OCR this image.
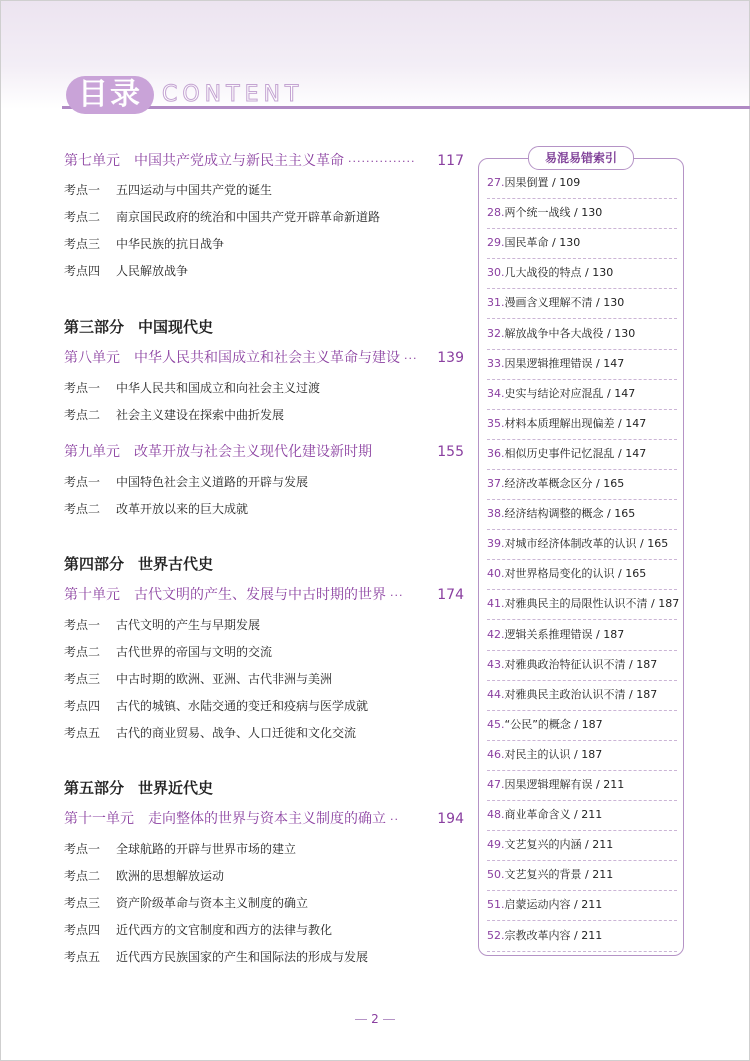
目录 CONTENT
第七单元 中国共产党成立与新民主主义革命 ···············	117
考点一 五四运动与中国共产党的诞生
考点二 南京国民政府的统治和中国共产党开辟革命新道路
考点三 中华民族的抗日战争
考点四 人民解放战争
第三部分 中国现代史
第八单元 中华人民共和国成立和社会主义革命与建设 ···	139
考点一 中华人民共和国成立和向社会主义过渡
考点二 社会主义建设在探索中曲折发展
第九单元 改革开放与社会主义现代化建设新时期	155
考点一 中国特色社会主义道路的开辟与发展
考点二 改革开放以来的巨大成就
第四部分 世界古代史
第十单元 古代文明的产生、发展与中古时期的世界 ···	174
考点一 古代文明的产生与早期发展
考点二 古代世界的帝国与文明的交流
考点三 中古时期的欧洲、亚洲、古代非洲与美洲
考点四 古代的城镇、水陆交通的变迁和疫病与医学成就
考点五 古代的商业贸易、战争、人口迁徙和文化交流
第五部分 世界近代史
第十一单元 走向整体的世界与资本主义制度的确立 ··	194
考点一 全球航路的开辟与世界市场的建立
考点二 欧洲的思想解放运动
考点三 资产阶级革命与资本主义制度的确立
考点四 近代西方的文官制度和西方的法律与教化
考点五 近代西方民族国家的产生和国际法的形成与发展
易混易错索引
27.因果倒置 / 109
28.两个统一战线 / 130
29.国民革命 / 130
30.几大战役的特点 / 130
31.漫画含义理解不清 / 130
32.解放战争中各大战役 / 130
33.因果逻辑推理错误 / 147
34.史实与结论对应混乱 / 147
35.材料本质理解出现偏差 / 147
36.相似历史事件记忆混乱 / 147
37.经济改革概念区分 / 165
38.经济结构调整的概念 / 165
39.对城市经济体制改革的认识 / 165
40.对世界格局变化的认识 / 165
41.对雅典民主的局限性认识不清 / 187
42.逻辑关系推理错误 / 187
43.对雅典政治特征认识不清 / 187
44.对雅典民主政治认识不清 / 187
45.“公民”的概念 / 187
46.对民主的认识 / 187
47.因果逻辑理解有误 / 211
48.商业革命含义 / 211
49.文艺复兴的内涵 / 211
50.文艺复兴的背景 / 211
51.启蒙运动内容 / 211
52.宗教改革内容 / 211
2
